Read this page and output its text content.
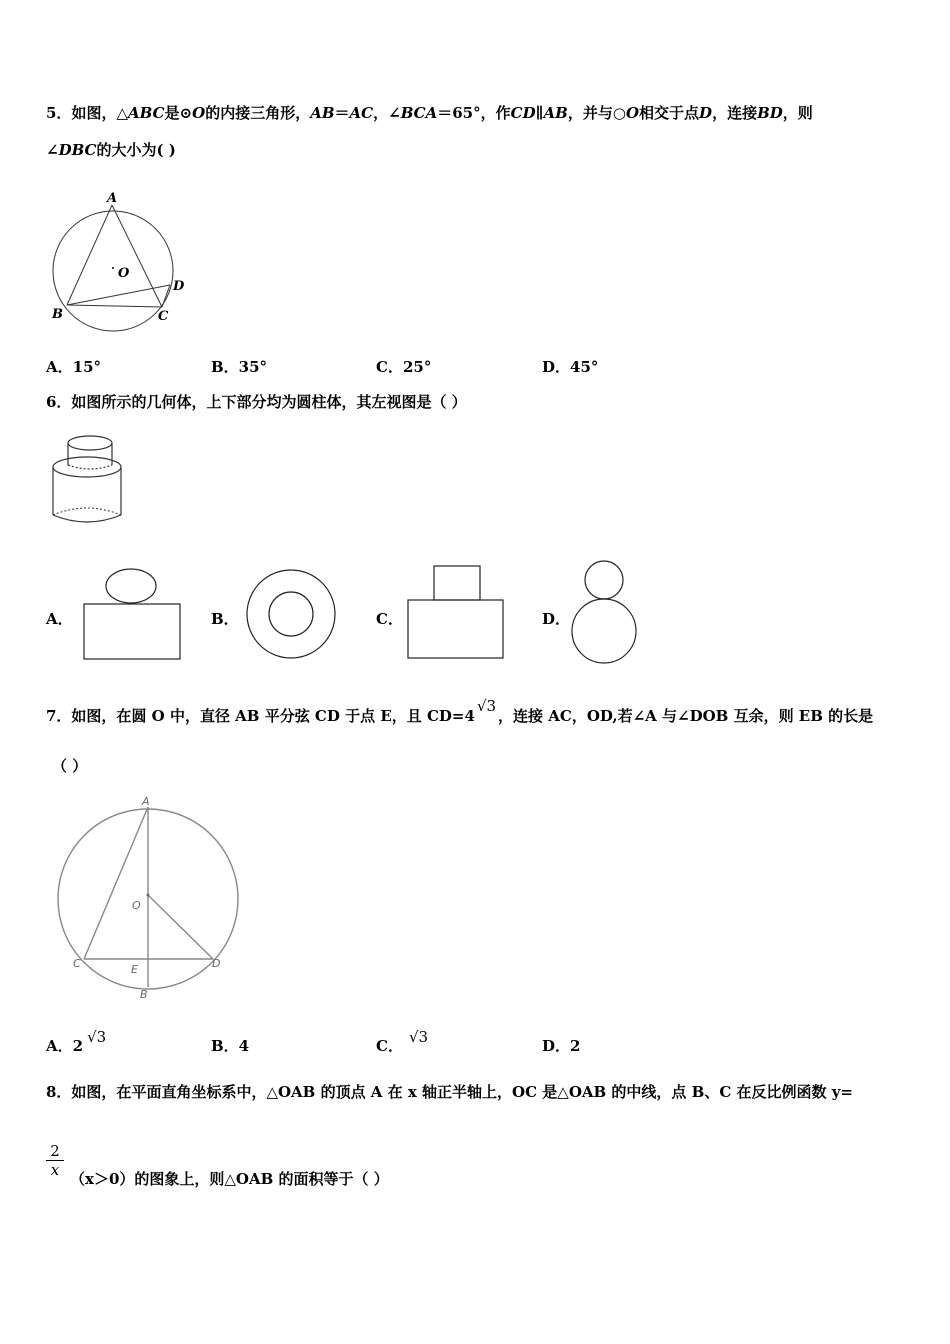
5．如图，△ABC是⊙O的内接三角形，AB＝AC，∠BCA＝65°，作CD∥AB，并与○O相交于点D，连接BD，则
∠DBC的大小为( )
A
O
B	C
D
A．15°	B．35°	C．25°	D．45°
6．如图所示的几何体，上下部分均为圆柱体，其左视图是（ ）
A．	B．	C．	D．
7．如图，在圆 O 中，直径 AB 平分弦 CD 于点 E，且 CD=4√3，连接 AC，OD,若∠A 与∠DOB 互余，则 EB 的长是
（ ）
A
O
C	E	D
B
A．2 √3	B．4	C． √3	D．2
8．如图，在平面直角坐标系中，△OAB 的顶点 A 在 x 轴正半轴上，OC 是△OAB 的中线，点 B、C 在反比例函数 y=
2
x （x＞0）的图象上，则△OAB 的面积等于（ ）
